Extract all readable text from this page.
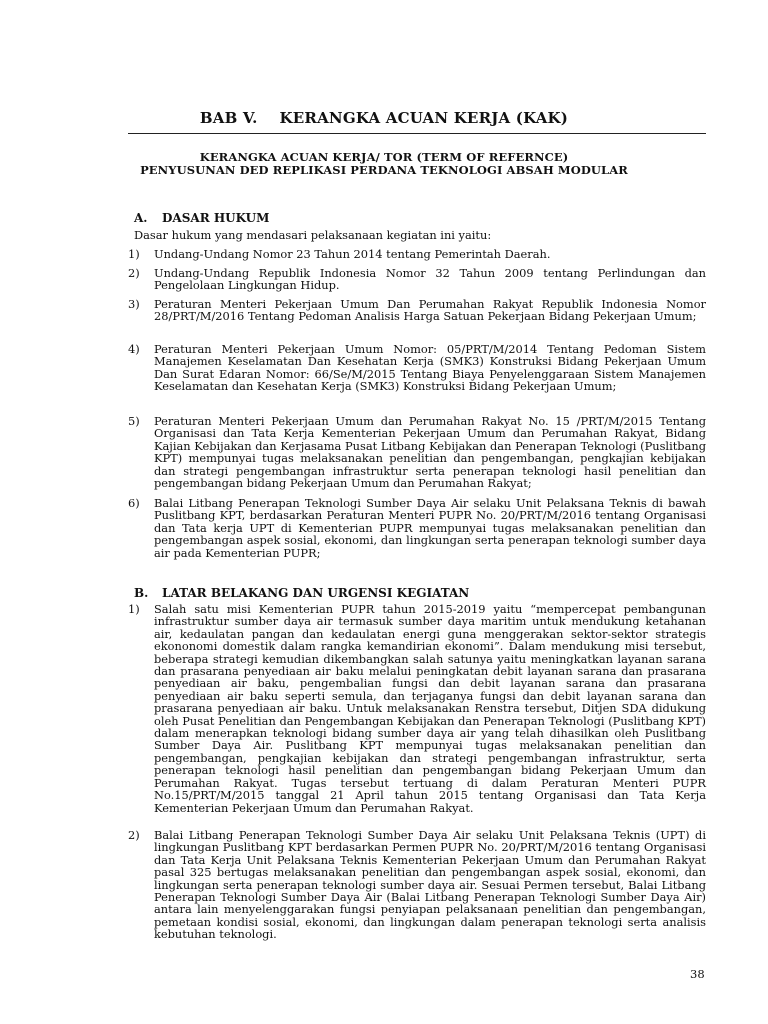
BAB V. KERANGKA ACUAN KERJA (KAK)
KERANGKA ACUAN KERJA/ TOR (TERM OF REFERNCE)
PENYUSUNAN DED REPLIKASI PERDANA TEKNOLOGI ABSAH MODULAR
A. DASAR HUKUM
Dasar hukum yang mendasari pelaksanaan kegiatan ini yaitu:
1) Undang-Undang Nomor 23 Tahun 2014 tentang Pemerintah Daerah.
2) Undang-Undang Republik Indonesia Nomor 32 Tahun 2009 tentang Perlindungan dan Pengelolaan Lingkungan Hidup.
3) Peraturan Menteri Pekerjaan Umum Dan Perumahan Rakyat Republik Indonesia Nomor 28/PRT/M/2016 Tentang Pedoman Analisis Harga Satuan Pekerjaan Bidang Pekerjaan Umum;
4) Peraturan Menteri Pekerjaan Umum Nomor: 05/PRT/M/2014 Tentang Pedoman Sistem Manajemen Keselamatan Dan Kesehatan Kerja (SMK3) Konstruksi Bidang Pekerjaan Umum Dan Surat Edaran Nomor: 66/Se/M/2015 Tentang Biaya Penyelenggaraan Sistem Manajemen Keselamatan dan Kesehatan Kerja (SMK3) Konstruksi Bidang Pekerjaan Umum;
5) Peraturan Menteri Pekerjaan Umum dan Perumahan Rakyat No. 15 /PRT/M/2015 Tentang Organisasi dan Tata Kerja Kementerian Pekerjaan Umum dan Perumahan Rakyat, Bidang Kajian Kebijakan dan Kerjasama Pusat Litbang Kebijakan dan Penerapan Teknologi (Puslitbang KPT) mempunyai tugas melaksanakan penelitian dan pengembangan, pengkajian kebijakan dan strategi pengembangan infrastruktur serta penerapan teknologi hasil penelitian dan pengembangan bidang Pekerjaan Umum dan Perumahan Rakyat;
6) Balai Litbang Penerapan Teknologi Sumber Daya Air selaku Unit Pelaksana Teknis di bawah Puslitbang KPT, berdasarkan Peraturan Menteri PUPR No. 20/PRT/M/2016 tentang Organisasi dan Tata kerja UPT di Kementerian PUPR mempunyai tugas melaksanakan penelitian dan pengembangan aspek sosial, ekonomi, dan lingkungan serta penerapan teknologi sumber daya air pada Kementerian PUPR;
B. LATAR BELAKANG DAN URGENSI KEGIATAN
1) Salah satu misi Kementerian PUPR tahun 2015-2019 yaitu “mempercepat pembangunan infrastruktur sumber daya air termasuk sumber daya maritim untuk mendukung ketahanan air, kedaulatan pangan dan kedaulatan energi guna menggerakan sektor-sektor strategis ekononomi domestik dalam rangka kemandirian ekonomi”. Dalam mendukung misi tersebut, beberapa strategi kemudian dikembangkan salah satunya yaitu meningkatkan layanan sarana dan prasarana penyediaan air baku melalui peningkatan debit layanan sarana dan prasarana penyediaan air baku, pengembalian fungsi dan debit layanan sarana dan prasarana penyediaan air baku seperti semula, dan terjaganya fungsi dan debit layanan sarana dan prasarana penyediaan air baku. Untuk melaksanakan Renstra tersebut, Ditjen SDA didukung oleh Pusat Penelitian dan Pengembangan Kebijakan dan Penerapan Teknologi (Puslitbang KPT) dalam menerapkan teknologi bidang sumber daya air yang telah dihasilkan oleh Puslitbang Sumber Daya Air. Puslitbang KPT mempunyai tugas melaksanakan penelitian dan pengembangan, pengkajian kebijakan dan strategi pengembangan infrastruktur, serta penerapan teknologi hasil penelitian dan pengembangan bidang Pekerjaan Umum dan Perumahan Rakyat. Tugas tersebut tertuang di dalam Peraturan Menteri PUPR No.15/PRT/M/2015 tanggal 21 April tahun 2015 tentang Organisasi dan Tata Kerja Kementerian Pekerjaan Umum dan Perumahan Rakyat.
2) Balai Litbang Penerapan Teknologi Sumber Daya Air selaku Unit Pelaksana Teknis (UPT) di lingkungan Puslitbang KPT berdasarkan Permen PUPR No. 20/PRT/M/2016 tentang Organisasi dan Tata Kerja Unit Pelaksana Teknis Kementerian Pekerjaan Umum dan Perumahan Rakyat pasal 325 bertugas melaksanakan penelitian dan pengembangan aspek sosial, ekonomi, dan lingkungan serta penerapan teknologi sumber daya air. Sesuai Permen tersebut, Balai Litbang Penerapan Teknologi Sumber Daya Air (Balai Litbang Penerapan Teknologi Sumber Daya Air) antara lain menyelenggarakan fungsi penyiapan pelaksanaan penelitian dan pengembangan, pemetaan kondisi sosial, ekonomi, dan lingkungan dalam penerapan teknologi serta analisis kebutuhan teknologi.
38
